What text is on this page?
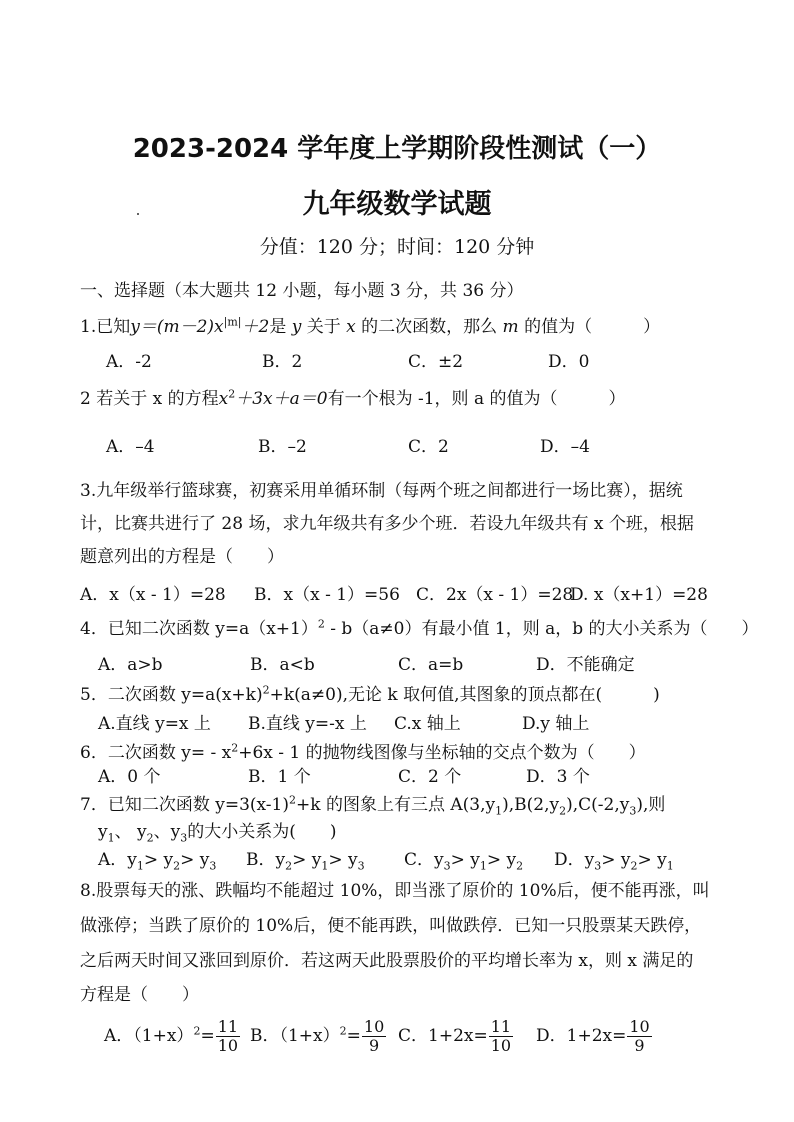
2023-2024 学年度上学期阶段性测试（一）
九年级数学试题
分值：120 分；时间：120 分钟
一、选择题（本大题共 12 小题，每小题 3 分，共 36 分）
1.已知$y=(m-2)x^{|m|}+2$是 y 关于 x 的二次函数，那么 m 的值为（　　　）
A．-2	B．2	C．±2	D．0
2 若关于 x 的方程$x^2+3x+a=0$有一个根为 -1，则 a 的值为（　　　）
A．–4	B．–2	C．2	D．–4
3.九年级举行篮球赛，初赛采用单循环制（每两个班之间都进行一场比赛），据统
计，比赛共进行了 28 场，求九年级共有多少个班．若设九年级共有 x 个班，根据
题意列出的方程是（　　）
A．x（x - 1）=28 B．x（x - 1）=56 C．2x（x - 1）=28
D. x（x+1）=28
4．已知二次函数 $y=a(x+1)^2 - b(a\ne 0)$有最小值 1，则 a，b 的大小关系为（　　）
A．a>b	B．a<b	C．a=b	D．不能确定
5．二次函数 $y=a(x+k)^2+k(a\ne 0)$,无论 k 取何值,其图象的顶点都在(　　　)
A.直线 y=x 上 B.直线 y=-x 上 C.x 轴上	D.y 轴上
6．二次函数 $y= - x^2+6x - 1$ 的抛物线图像与坐标轴的交点个数为（　　）
A．0 个	B．1 个	C．2 个	D．3 个
7．已知二次函数 $y=3(x-1)^2+k$ 的图象上有三点 $A(3,y_1),B(2,y_2),C(-2,y_3)$,则
$y_1$、 $y_2$、$y_3$的大小关系为(　　)
A．$y_1> y_2> y_3$ B．$y_2> y_1> y_3$ C．$y_3> y_1> y_2$ D．$y_3> y_2> y_1$
8.股票每天的涨、跌幅均不能超过 10%，即当涨了原价的 10%后，便不能再涨，叫
做涨停；当跌了原价的 10%后，便不能再跌，叫做跌停．已知一只股票某天跌停，
之后两天时间又涨回到原价．若这两天此股票股价的平均增长率为 x，则 x 满足的
方程是（　　）
A．$(1+x)^2= \frac{11}{10}$ B．$(1+x)^2= \frac{10}{9}$ C．$1+2x= \frac{11}{10}$ D．$1+2x= \frac{10}{9}$
